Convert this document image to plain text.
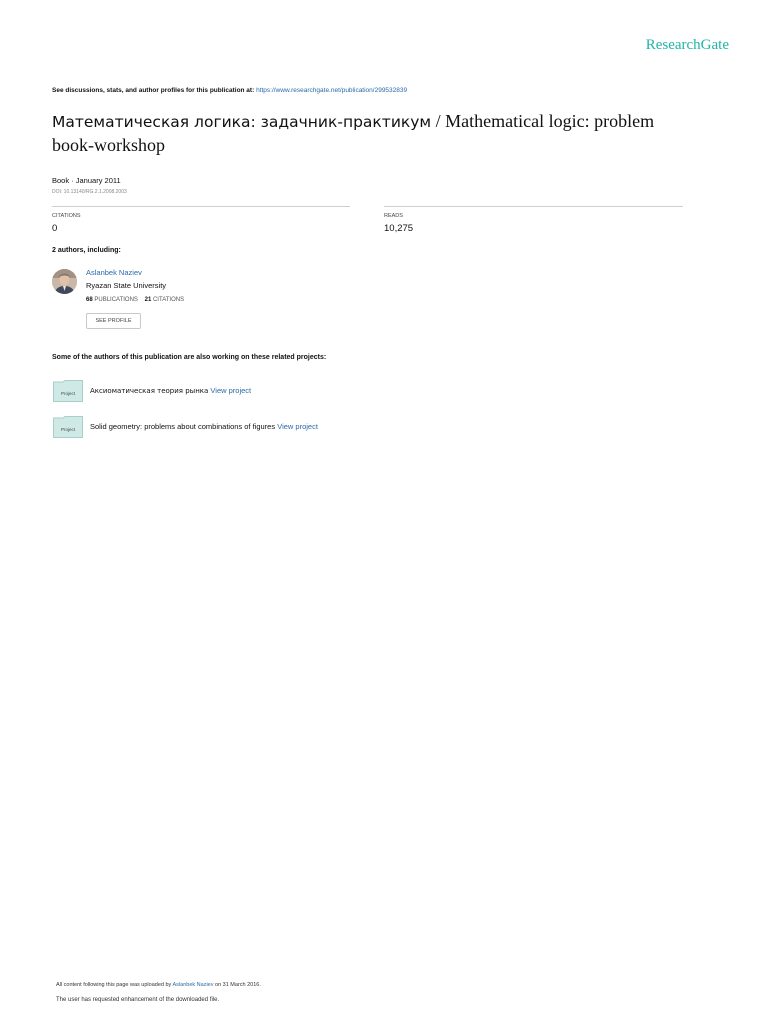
ResearchGate
See discussions, stats, and author profiles for this publication at: https://www.researchgate.net/publication/299532839
Математическая логика: задачник-практикум / Mathematical logic: problem book-workshop
Book · January 2011
DOI: 10.13140/RG.2.1.2008.2003
CITATIONS
0
READS
10,275
2 authors, including:
Aslanbek Naziev
Ryazan State University
68 PUBLICATIONS 21 CITATIONS
SEE PROFILE
Some of the authors of this publication are also working on these related projects:
Project Аксиоматическая теория рынка View project
Project Solid geometry: problems about combinations of figures View project
All content following this page was uploaded by Aslanbek Naziev on 31 March 2016.
The user has requested enhancement of the downloaded file.
